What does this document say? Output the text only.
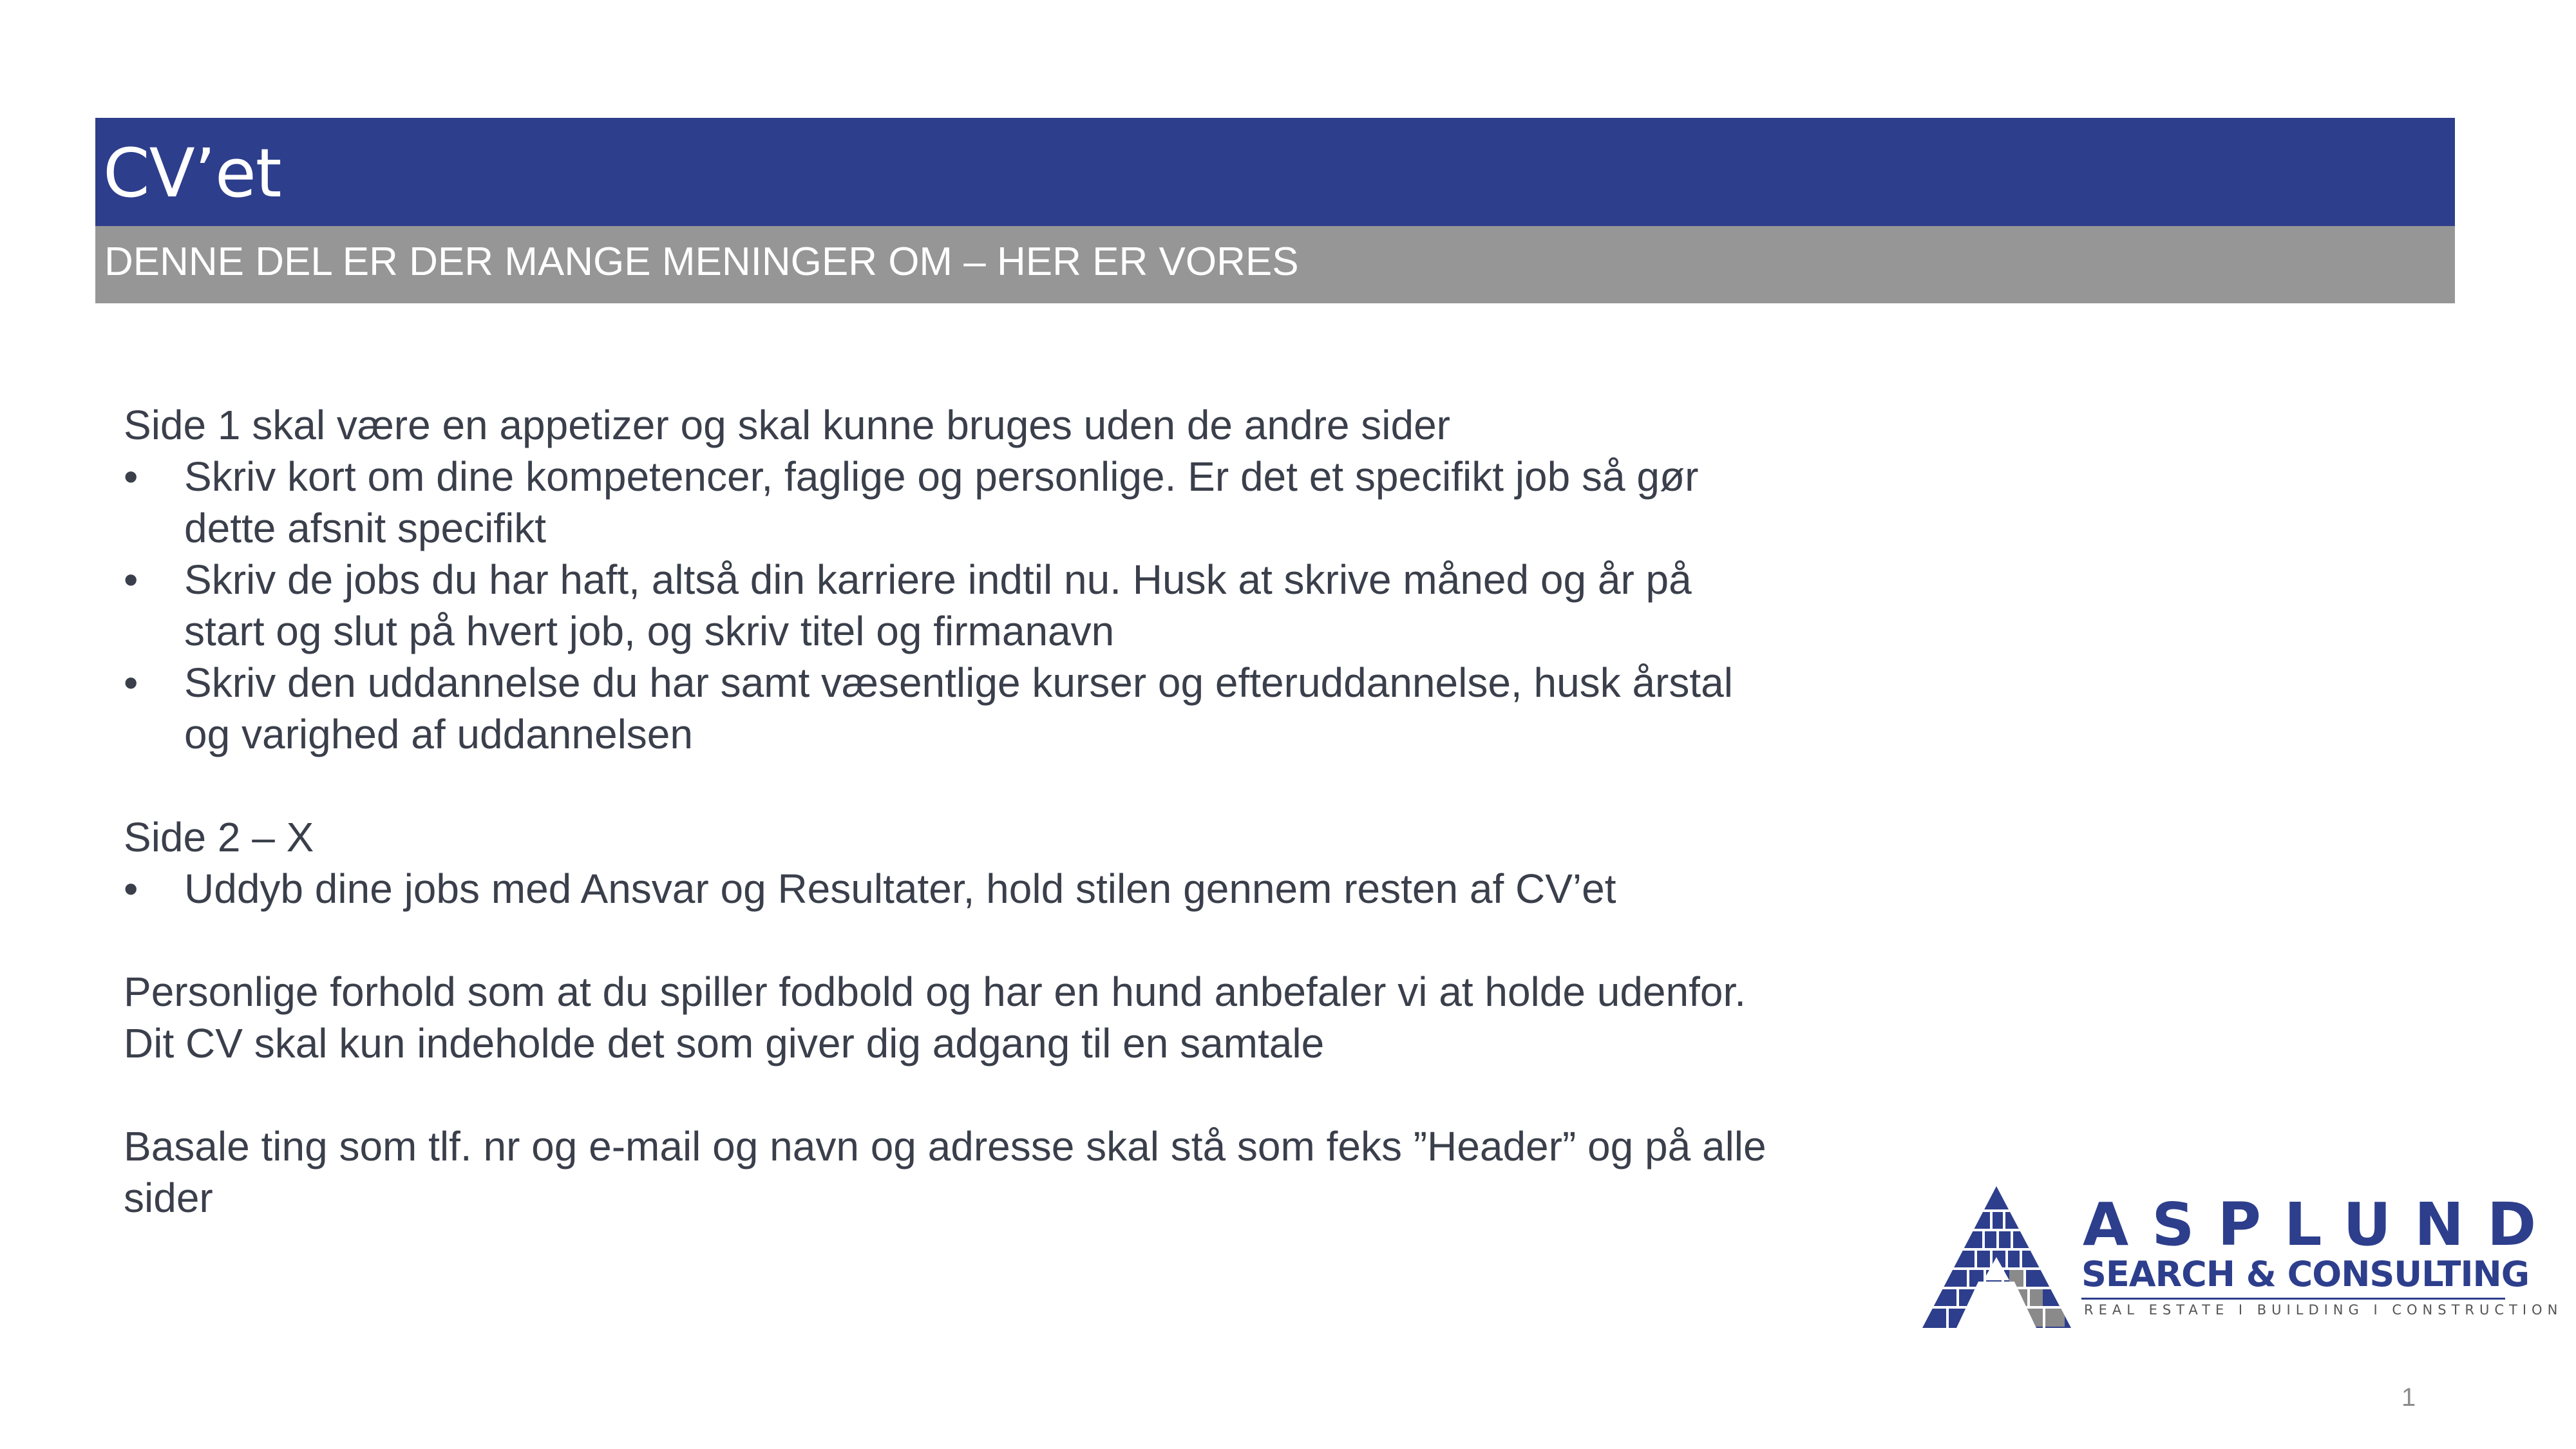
CV’et
DENNE DEL ER DER MANGE MENINGER OM – HER ER VORES

Side 1 skal være en appetizer og skal kunne bruges uden de andre sider

• Skriv kort om dine kompetencer, faglige og personlige. Er det et specifikt job så gør dette afsnit specifikt
• Skriv de jobs du har haft, altså din karriere indtil nu. Husk at skrive måned og år på start og slut på hvert job, og skriv titel og firmanavn
• Skriv den uddannelse du har samt væsentlige kurser og efteruddannelse, husk årstal og varighed af uddannelsen

Side 2 – X

• Uddyb dine jobs med Ansvar og Resultater, hold stilen gennem resten af CV’et

Personlige forhold som at du spiller fodbold og har en hund anbefaler vi at holde udenfor. Dit CV skal kun indeholde det som giver dig adgang til en samtale

Basale ting som tlf. nr og e-mail og navn og adresse skal stå som feks ”Header” og på alle sider	ASPLUND
SEARCH & CONSULTING
REAL ESTATE I BUILDING I CONSTRUCTION
1
